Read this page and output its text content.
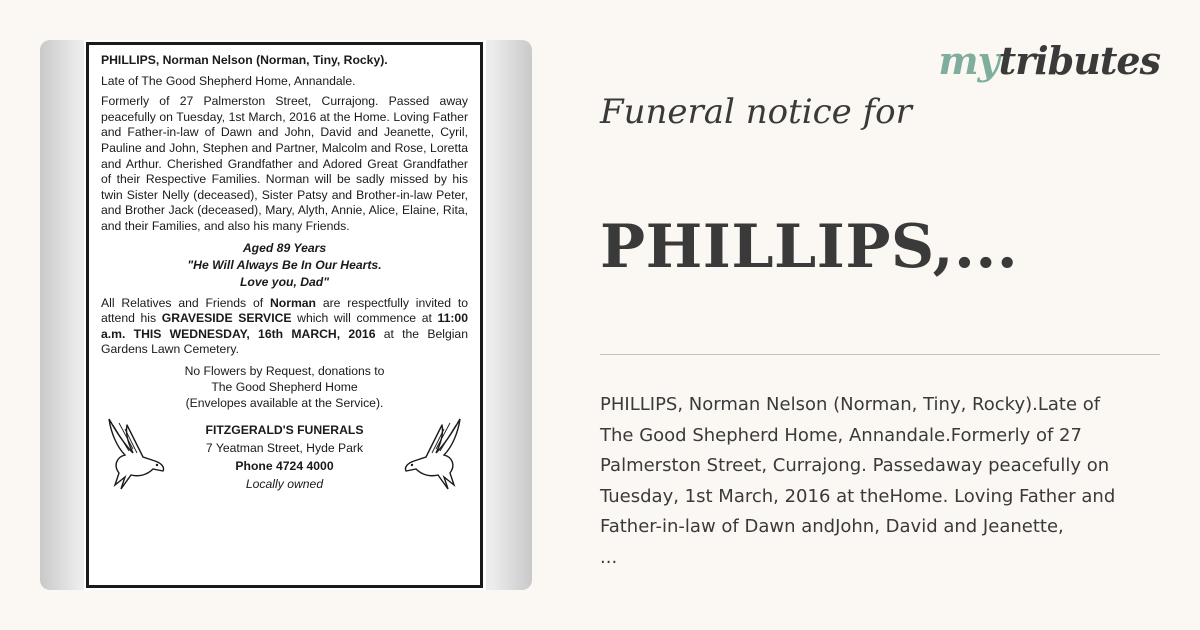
PHILLIPS, Norman Nelson (Norman, Tiny, Rocky).
Late of The Good Shepherd Home, Annandale.
Formerly of 27 Palmerston Street, Currajong. Passed away peacefully on Tuesday, 1st March, 2016 at the Home. Loving Father and Father-in-law of Dawn and John, David and Jeanette, Cyril, Pauline and John, Stephen and Partner, Malcolm and Rose, Loretta and Arthur. Cherished Grandfather and Adored Great Grandfather of their Respective Families. Norman will be sadly missed by his twin Sister Nelly (deceased), Sister Patsy and Brother-in-law Peter, and Brother Jack (deceased), Mary, Alyth, Annie, Alice, Elaine, Rita, and their Families, and also his many Friends.
Aged 89 Years
"He Will Always Be In Our Hearts.
Love you, Dad"
All Relatives and Friends of Norman are respectfully invited to attend his GRAVESIDE SERVICE which will commence at 11:00 a.m. THIS WEDNESDAY, 16th MARCH, 2016 at the Belgian Gardens Lawn Cemetery.
No Flowers by Request, donations to
The Good Shepherd Home
(Envelopes available at the Service).
FITZGERALD'S FUNERALS
7 Yeatman Street, Hyde Park
Phone 4724 4000
Locally owned
mytributes
Funeral notice for
PHILLIPS,...
PHILLIPS, Norman Nelson (Norman, Tiny, Rocky).Late of
The Good Shepherd Home, Annandale.Formerly of 27
Palmerston Street, Currajong. Passedaway peacefully on
Tuesday, 1st March, 2016 at theHome. Loving Father and
Father-in-law of Dawn andJohn, David and Jeanette,
...
